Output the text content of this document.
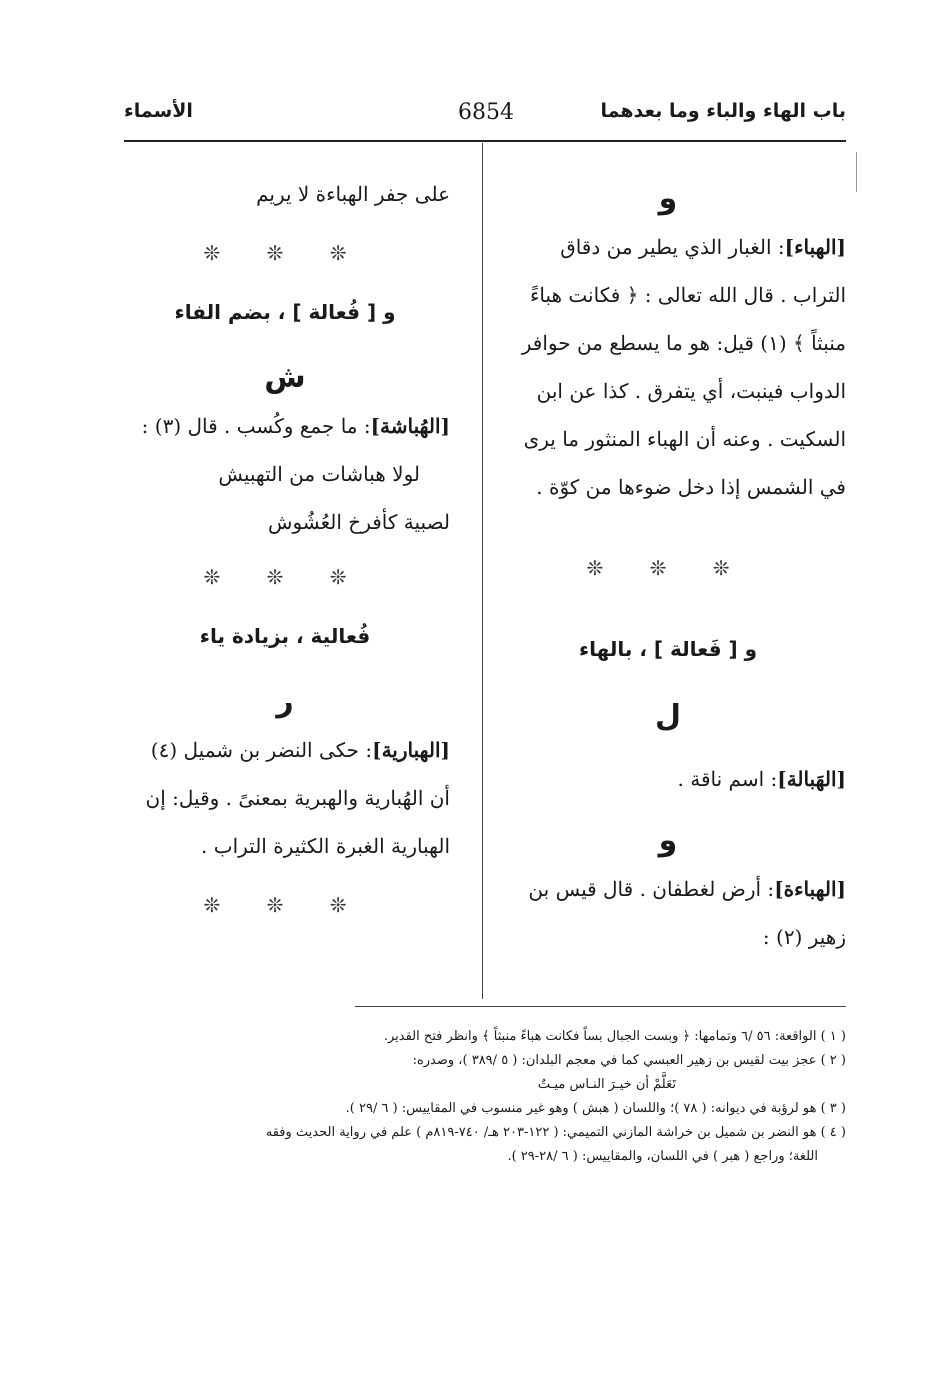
باب الهاء والباء وما بعدهما
6854
الأسماء
و
[الهباء]: الغبار الذي يطير من دقاق
التراب . قال الله تعالى : ﴿ فكانت هباءً
منبثاً ﴾ (١) قيل: هو ما يسطع من حوافر
الدواب فينبت، أي يتفرق . كذا عن ابن
السكيت . وعنه أن الهباء المنثور ما يرى
في الشمس إذا دخل ضوءها من كوّة .
❊ ❊ ❊
و [ فَعالة ] ، بالهاء
ل
[الهَبالة]: اسم ناقة .
و
[الهباءة]: أرض لغطفان . قال قيس بن
زهير (٢) :
على جفر الهباءة لا يريم
❊ ❊ ❊
و [ فُعالة ] ، بضم الفاء
ش
[الهُباشة]: ما جمع وكُسب . قال (٣) :
لولا هباشات من التهبيش
لصبية كأفرخ العُشُوش
❊ ❊ ❊
فُعالية ، بزيادة ياء
ر
[الهبارية]: حكى النضر بن شميل (٤)
أن الهُبارية والهبرية بمعنىً . وقيل: إن
الهبارية الغبرة الكثيرة التراب .
❊ ❊ ❊
( ١ ) الواقعة: ٥٦ /٦ وتمامها: ﴿ وبست الجبال بساً فكانت هباءً منبثاً ﴾ وانظر فتح القدير.
( ٢ ) عجز بيت لقيس بن زهير العبسي كما في معجم البلدان: ( ٥ /٣٨٩ )، وصدره:
تَعَلَّمْ أن خيـرَ النـاس ميـتٌ
( ٣ ) هو لرؤبة في ديوانه: ( ٧٨ )؛ واللسان ( هبش ) وهو غير منسوب في المقاييس: ( ٦ /٢٩ ).
( ٤ ) هو النضر بن شميل بن خراشة المازني التميمي: ( ١٢٢-٢٠٣ هـ/ ٧٤٠-٨١٩م ) علم في رواية الحديث وفقه
اللغة؛ وراجع ( هبر ) في اللسان، والمقاييس: ( ٦ /٢٨-٢٩ ).
